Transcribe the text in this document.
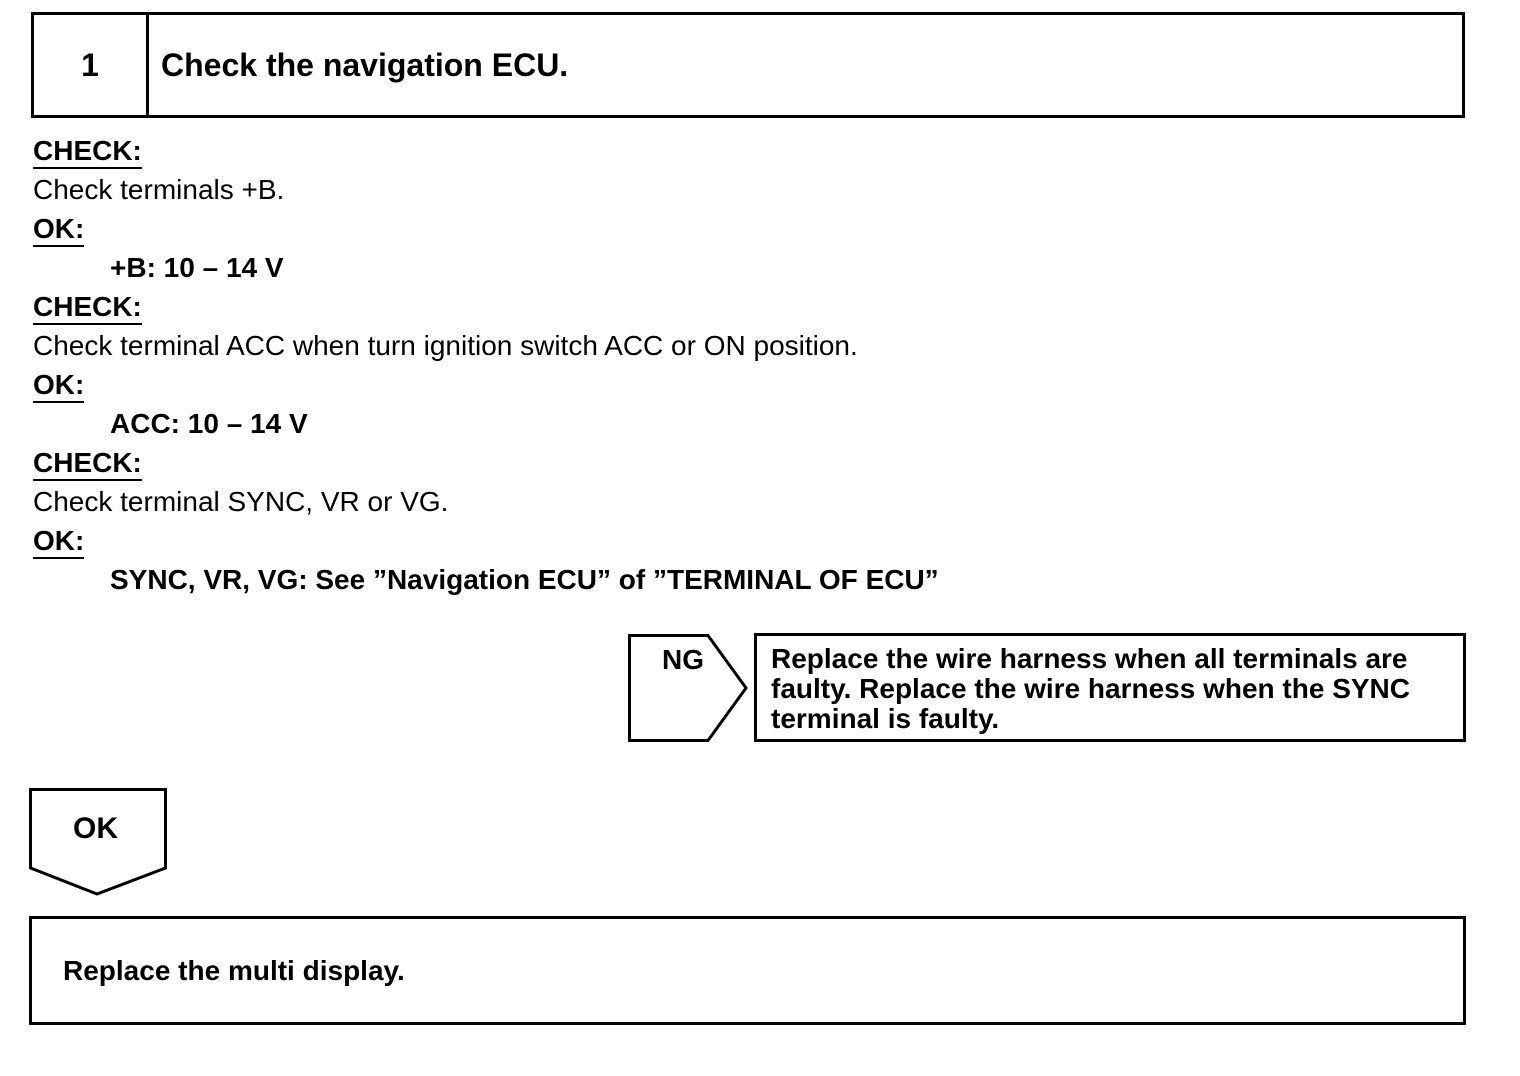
1	Check the navigation ECU.
CHECK:
Check terminals +B.
OK:
+B: 10 – 14 V
CHECK:
Check terminal ACC when turn ignition switch ACC or ON position.
OK:
ACC: 10 – 14 V
CHECK:
Check terminal SYNC, VR or VG.
OK:
SYNC, VR, VG: See ”Navigation ECU” of ”TERMINAL OF ECU”
NG	Replace the wire harness when all terminals are faulty. Replace the wire harness when the SYNC terminal is faulty.
OK
Replace the multi display.
